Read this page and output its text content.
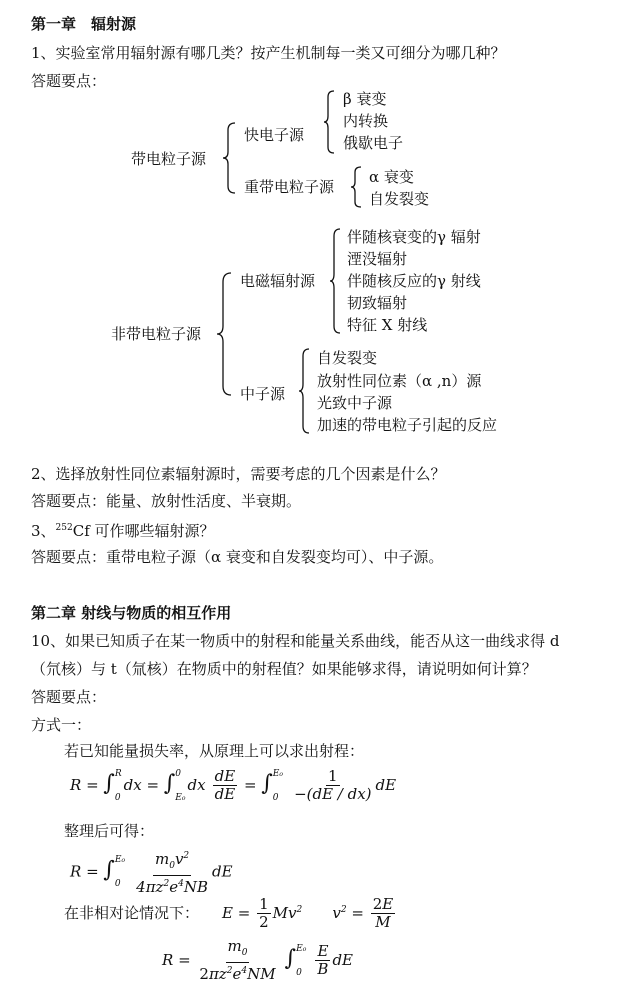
第一章　辐射源
1、实验室常用辐射源有哪几类？按产生机制每一类又可细分为哪几种？
答题要点：
带电粒子源
快电子源
β 衰变
内转换
俄歇电子
重带电粒子源
α 衰变
自发裂变
非带电粒子源
电磁辐射源
伴随核衰变的γ 辐射
湮没辐射
伴随核反应的γ 射线
韧致辐射
特征 X 射线
中子源
自发裂变
放射性同位素（α ,n）源
光致中子源
加速的带电粒子引起的反应
2、选择放射性同位素辐射源时，需要考虑的几个因素是什么？
答题要点：能量、放射性活度、半衰期。
3、$^{252}$Cf 可作哪些辐射源？
答题要点：重带电粒子源（α 衰变和自发裂变均可）、中子源。
第二章 射线与物质的相互作用
10、如果已知质子在某一物质中的射程和能量关系曲线，能否从这一曲线求得 d
（氘核）与 t（氚核）在物质中的射程值？如果能够求得，请说明如何计算？
答题要点：
方式一：
若已知能量损失率，从原理上可以求出射程：
R = ∫ R
0
dx = ∫ 0
E₀
dx $\frac{dE}{dE}$ = ∫ E₀
0
$\frac{1}{-(dE / dx)}$ dE
整理后可得：
R = ∫ E₀
0
$\frac{m_0v^2}{4\pi z^2e^4NB}$ dE
在非相对论情况下： $E = \frac{1}{2} Mv^2$ $v^2 = \frac{2E}{M}$
$R = \frac{m_0}{2\pi z^2e^4NM}$ ∫ E₀
0
$\frac{E}{B}$ dE
